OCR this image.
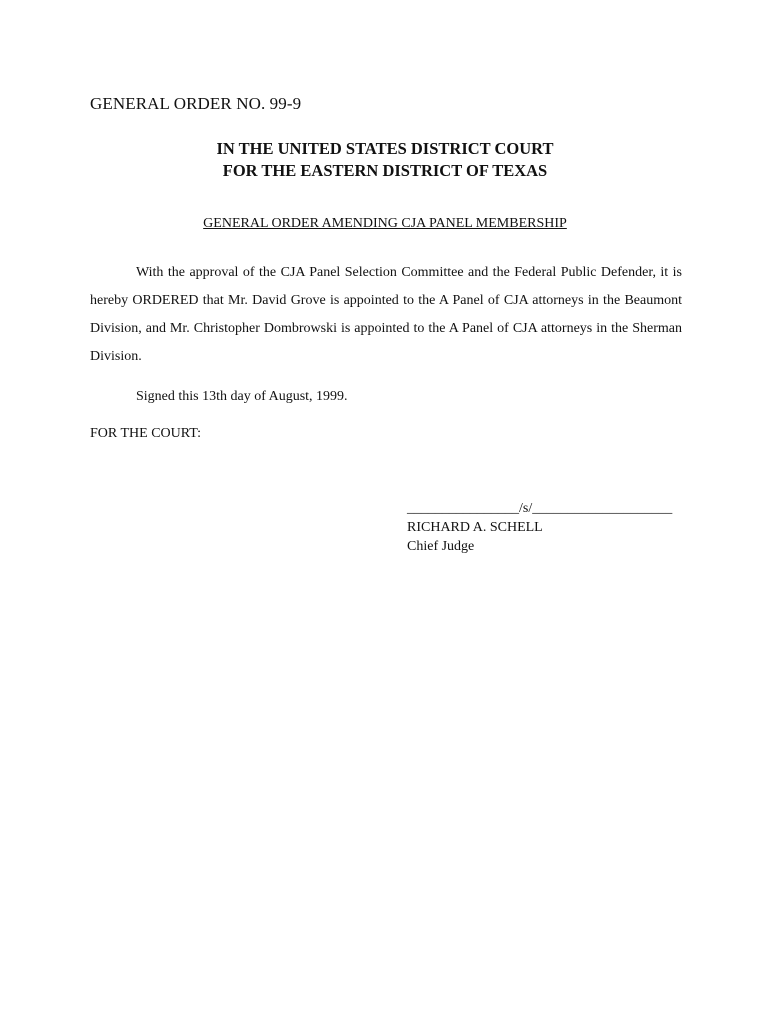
GENERAL ORDER NO. 99-9
IN THE UNITED STATES DISTRICT COURT
FOR THE EASTERN DISTRICT OF TEXAS
GENERAL ORDER AMENDING CJA PANEL MEMBERSHIP

With the approval of the CJA Panel Selection Committee and the Federal Public Defender, it is hereby ORDERED that Mr. David Grove is appointed to the A Panel of CJA attorneys in the Beaumont Division, and Mr. Christopher Dombrowski is appointed to the A Panel of CJA attorneys in the Sherman Division.

Signed this 13th day of August, 1999.
FOR THE COURT:
________________/s/____________________
RICHARD A. SCHELL
Chief Judge
